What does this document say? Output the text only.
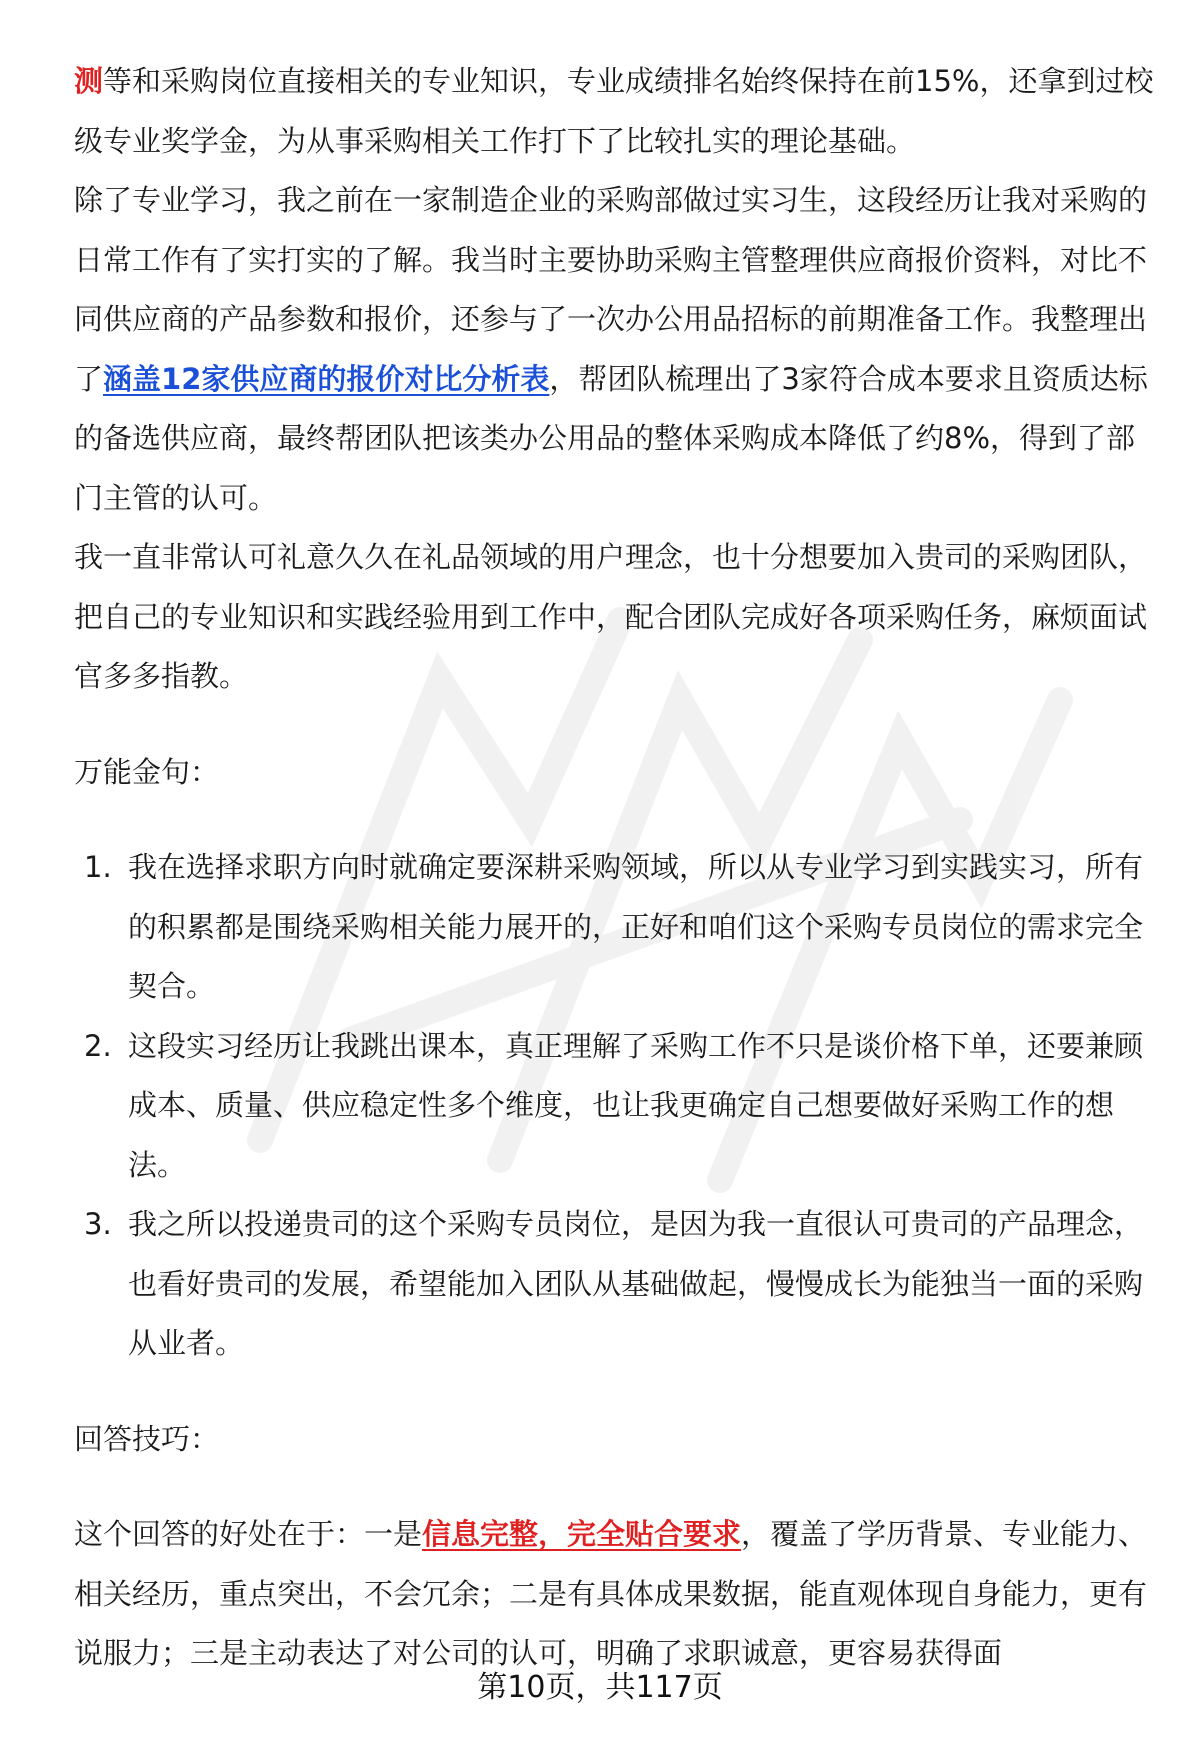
测等和采购岗位直接相关的专业知识，专业成绩排名始终保持在前15%，还拿到过校级专业奖学金，为从事采购相关工作打下了比较扎实的理论基础。

除了专业学习，我之前在一家制造企业的采购部做过实习生，这段经历让我对采购的日常工作有了实打实的了解。我当时主要协助采购主管整理供应商报价资料，对比不同供应商的产品参数和报价，还参与了一次办公用品招标的前期准备工作。我整理出了涵盖12家供应商的报价对比分析表，帮团队梳理出了3家符合成本要求且资质达标的备选供应商，最终帮团队把该类办公用品的整体采购成本降低了约8%，得到了部门主管的认可。

我一直非常认可礼意久久在礼品领域的用户理念，也十分想要加入贵司的采购团队，把自己的专业知识和实践经验用到工作中，配合团队完成好各项采购任务，麻烦面试官多多指教。

万能金句：

1. 我在选择求职方向时就确定要深耕采购领域，所以从专业学习到实践实习，所有的积累都是围绕采购相关能力展开的，正好和咱们这个采购专员岗位的需求完全契合。
2. 这段实习经历让我跳出课本，真正理解了采购工作不只是谈价格下单，还要兼顾成本、质量、供应稳定性多个维度，也让我更确定自己想要做好采购工作的想法。
3. 我之所以投递贵司的这个采购专员岗位，是因为我一直很认可贵司的产品理念，也看好贵司的发展，希望能加入团队从基础做起，慢慢成长为能独当一面的采购从业者。

回答技巧：

这个回答的好处在于：一是信息完整，完全贴合要求，覆盖了学历背景、专业能力、相关经历，重点突出，不会冗余；二是有具体成果数据，能直观体现自身能力，更有说服力；三是主动表达了对公司的认可，明确了求职诚意，更容易获得面

第10页，共117页
